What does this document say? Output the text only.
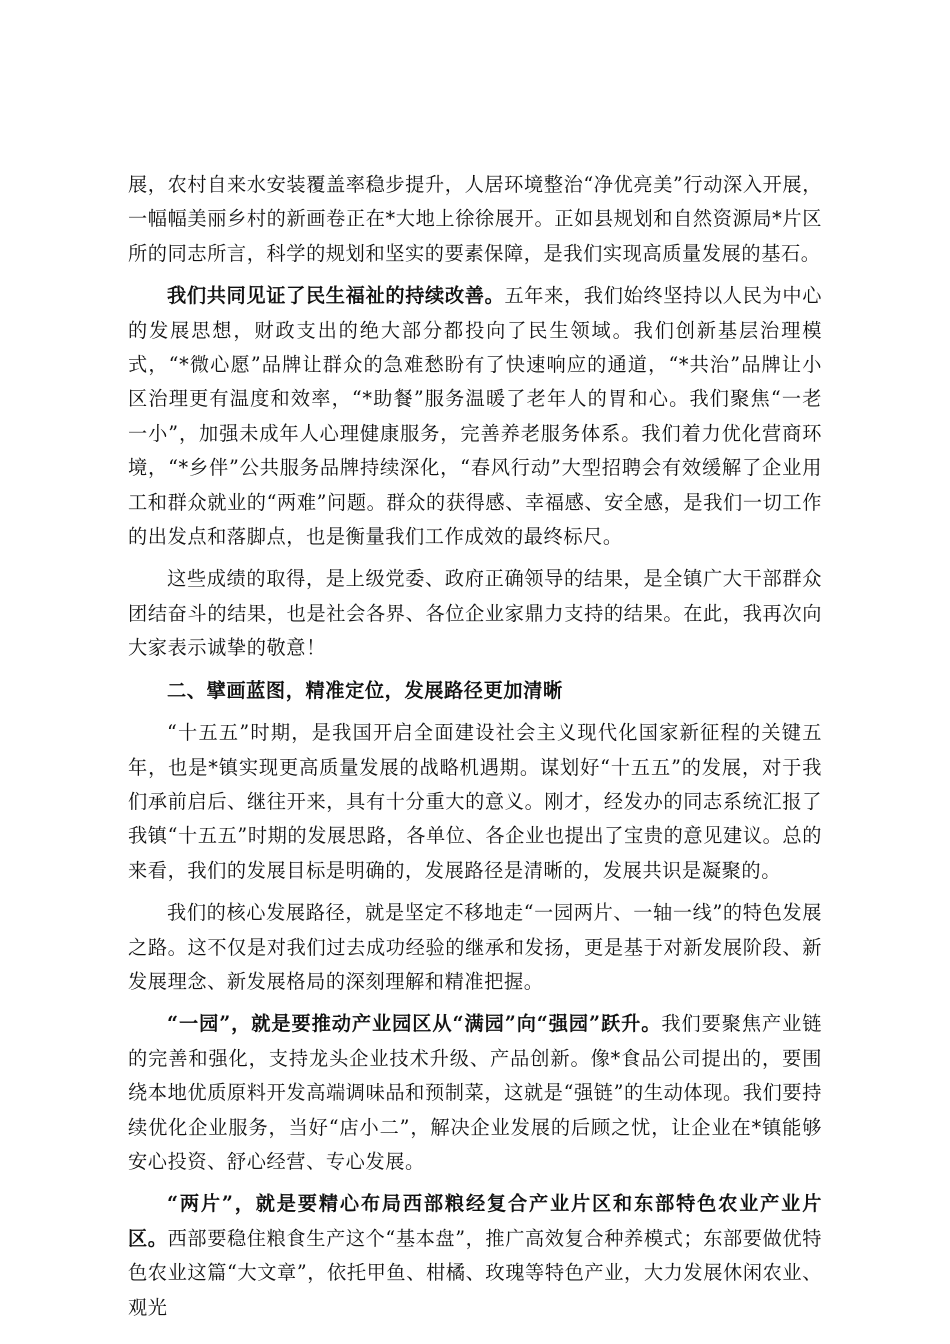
展，农村自来水安装覆盖率稳步提升，人居环境整治“净优亮美”行动深入开展，一幅幅美丽乡村的新画卷正在*大地上徐徐展开。正如县规划和自然资源局*片区所的同志所言，科学的规划和坚实的要素保障，是我们实现高质量发展的基石。

我们共同见证了民生福祉的持续改善。五年来，我们始终坚持以人民为中心的发展思想，财政支出的绝大部分都投向了民生领域。我们创新基层治理模式，“*微心愿”品牌让群众的急难愁盼有了快速响应的通道，“*共治”品牌让小区治理更有温度和效率，“*助餐”服务温暖了老年人的胃和心。我们聚焦“一老一小”，加强未成年人心理健康服务，完善养老服务体系。我们着力优化营商环境，“*乡伴”公共服务品牌持续深化，“春风行动”大型招聘会有效缓解了企业用工和群众就业的“两难”问题。群众的获得感、幸福感、安全感，是我们一切工作的出发点和落脚点，也是衡量我们工作成效的最终标尺。

这些成绩的取得，是上级党委、政府正确领导的结果，是全镇广大干部群众团结奋斗的结果，也是社会各界、各位企业家鼎力支持的结果。在此，我再次向大家表示诚挚的敬意！

二、擘画蓝图，精准定位，发展路径更加清晰

“十五五”时期，是我国开启全面建设社会主义现代化国家新征程的关键五年，也是*镇实现更高质量发展的战略机遇期。谋划好“十五五”的发展，对于我们承前启后、继往开来，具有十分重大的意义。刚才，经发办的同志系统汇报了我镇“十五五”时期的发展思路，各单位、各企业也提出了宝贵的意见建议。总的来看，我们的发展目标是明确的，发展路径是清晰的，发展共识是凝聚的。

我们的核心发展路径，就是坚定不移地走“一园两片、一轴一线”的特色发展之路。这不仅是对我们过去成功经验的继承和发扬，更是基于对新发展阶段、新发展理念、新发展格局的深刻理解和精准把握。

“一园”，就是要推动产业园区从“满园”向“强园”跃升。我们要聚焦产业链的完善和强化，支持龙头企业技术升级、产品创新。像*食品公司提出的，要围绕本地优质原料开发高端调味品和预制菜，这就是“强链”的生动体现。我们要持续优化企业服务，当好“店小二”，解决企业发展的后顾之忧，让企业在*镇能够安心投资、舒心经营、专心发展。

“两片”，就是要精心布局西部粮经复合产业片区和东部特色农业产业片区。西部要稳住粮食生产这个“基本盘”，推广高效复合种养模式；东部要做优特色农业这篇“大文章”，依托甲鱼、柑橘、玫瑰等特色产业，大力发展休闲农业、观光
